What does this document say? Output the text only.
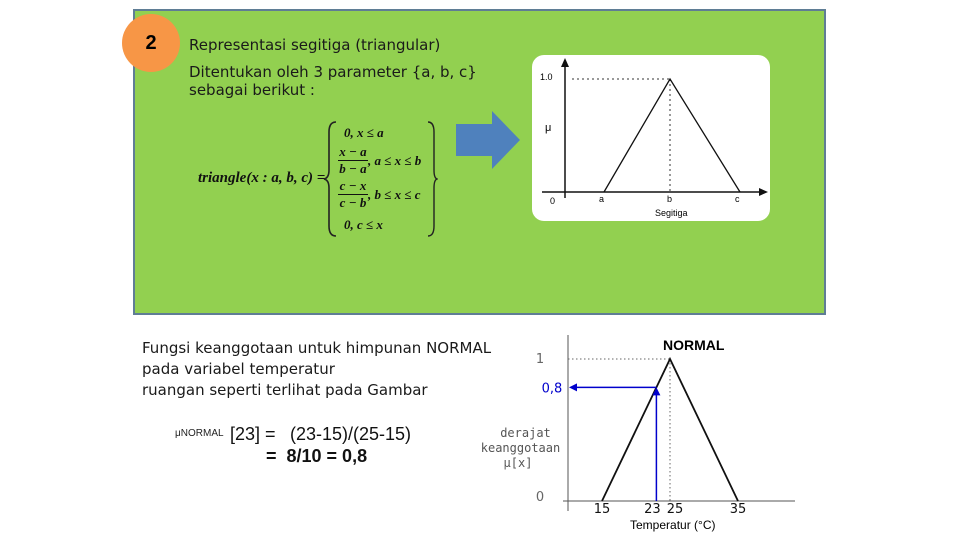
2 Representasi segitiga (triangular)
Ditentukan oleh 3 parameter {a, b, c}
sebagai berikut :
triangle(x : a, b, c) =
0, x ≤ a
x − a
b − a
, a ≤ x ≤ b
c − x
c − b
, b ≤ x ≤ c
0, c ≤ x
1.0
μ
0	a	b	c
Segitiga
Fungsi keanggotaan untuk himpunan NORMAL
pada variabel temperatur
ruangan seperti terlihat pada Gambar
μNORMAL [23] = (23-15)/(25-15)
=  8/10 = 0,8
0
0,8
1
15	23 25	35
NORMAL
derajat
keanggotaan
μ[x]
Temperatur (°C)
